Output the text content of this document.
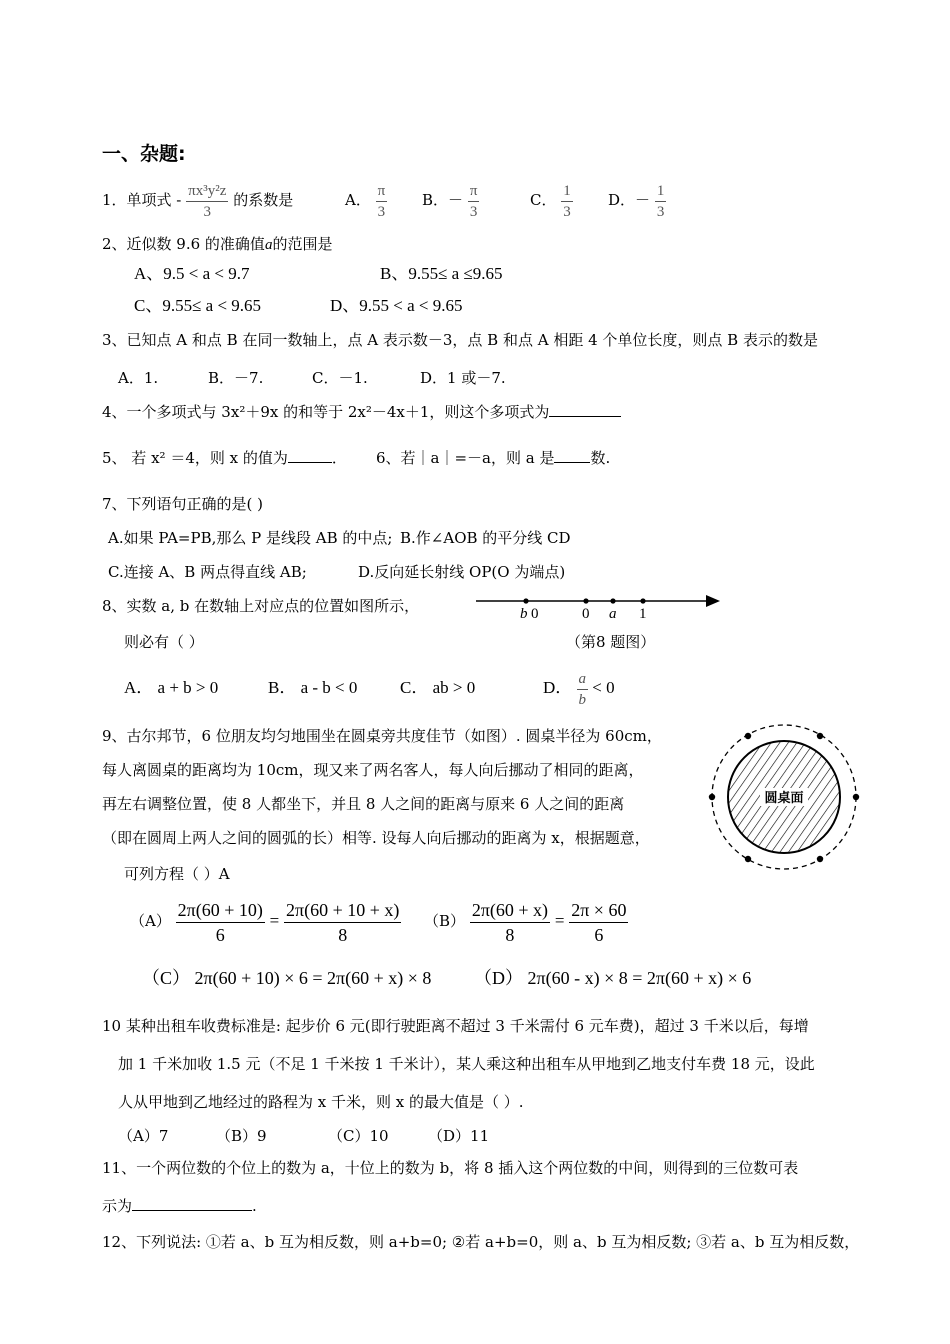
一、杂题:
1．单项式 - $\frac{\text{πx³y²z}}{3}$ 的系数是	A． $\frac{\pi}{3}$ B．－ $\frac{\pi}{3}$	C． $\frac{1}{3}$ D．－ $\frac{1}{3}$
2、近似数 9.6 的准确值a的范围是
A、9.5 < a < 9.7	B、9.55≤ a ≤9.65
C、9.55≤ a < 9.65	D、9.55 < a < 9.65
3、已知点 A 和点 B 在同一数轴上，点 A 表示数－3，点 B 和点 A 相距 4 个单位长度，则点 B 表示的数是
A．1.	B．－7.	C．－1.	D．1 或－7.
4、一个多项式与 3x²＋9x 的和等于 2x²－4x＋1，则这个多项式为
5、 若 x² ＝4，则 x 的值为	． 6、若｜a｜=－a，则 a 是 数.
7、下列语句正确的是( )
A.如果 PA=PB,那么 P 是线段 AB 的中点; B.作∠AOB 的平分线 CD
C.连接 A、B 两点得直线 AB;	D.反向延长射线 OP(O 为端点)
8、实数 a, b 在数轴上对应点的位置如图所示，
则必有（ ）
b 0	0 a 1
（第8 题图）
A． a + b > 0	B． a - b < 0	C． ab > 0	D． $\frac{a}{b} < 0$
9、古尔邦节，6 位朋友均匀地围坐在圆桌旁共度佳节（如图）. 圆桌半径为 60cm，
每人离圆桌的距离均为 10cm，现又来了两名客人，每人向后挪动了相同的距离，
再左右调整位置，使 8 人都坐下，并且 8 人之间的距离与原来 6 人之间的距离
（即在圆周上两人之间的圆弧的长）相等. 设每人向后挪动的距离为 x，根据题意，
可列方程（ ）A
圆桌面
$(A) \frac{2\pi(60 + 10)}{6} = \frac{2\pi(60 + 10 + x)}{8} (B) \frac{2\pi(60 + x)}{8} = \frac{2\pi \times 60}{6}$
（C） 2π(60 + 10) × 6 = 2π(60 + x) × 8 （D） 2π(60 - x) × 8 = 2π(60 + x) × 6
10 某种出租车收费标准是: 起步价 6 元(即行驶距离不超过 3 千米需付 6 元车费)，超过 3 千米以后，每增
加 1 千米加收 1.5 元（不足 1 千米按 1 千米计），某人乘这种出租车从甲地到乙地支付车费 18 元，设此
人从甲地到乙地经过的路程为 x 千米，则 x 的最大值是（ ）.
（A）7	（B）9	（C）10	（D）11
11、一个两位数的个位上的数为 a，十位上的数为 b，将 8 插入这个两位数的中间，则得到的三位数可表
示为	.
12、下列说法: ①若 a、b 互为相反数，则 a+b=0; ②若 a+b=0，则 a、b 互为相反数; ③若 a、b 互为相反数，
